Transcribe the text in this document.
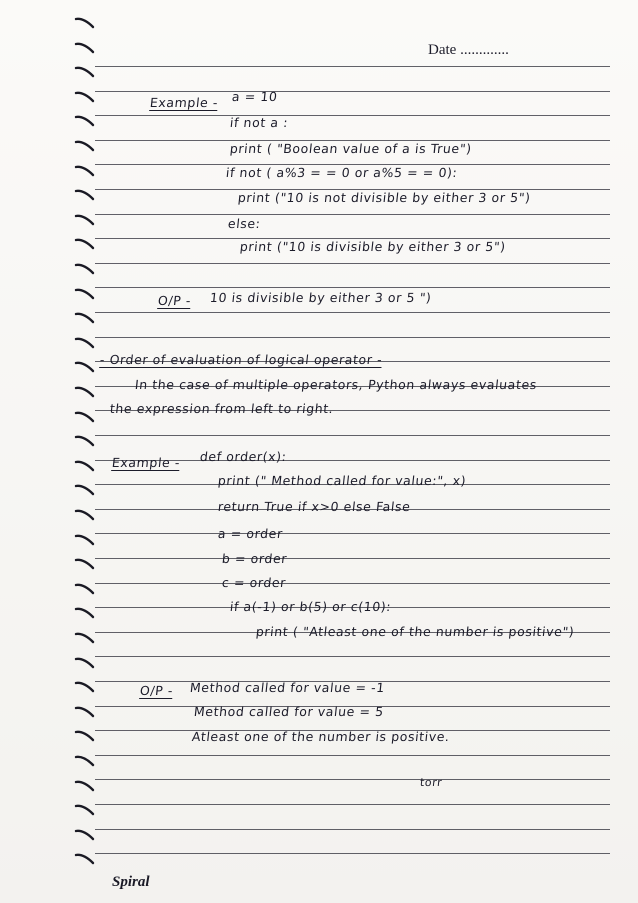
Date .............
Example - a = 10
if not a :
print ( "Boolean value of a is True")
if not ( a%3 = = 0 or a%5 = = 0):
print ("10 is not divisible by either 3 or 5")
else:
print ("10 is divisible by either 3 or 5")
O/P - 10 is divisible by either 3 or 5 ")
- Order of evaluation of logical operator -
In the case of multiple operators, Python always evaluates
the expression from left to right.
Example - def order(x):
print (" Method called for value:", x)
return True if x>0 else False
a = order
b = order
c = order
if a(-1) or b(5) or c(10):
print ( "Atleast one of the number is positive")
O/P - Method called for value = -1
Method called for value = 5
Atleast one of the number is positive.
torr
Spiral
